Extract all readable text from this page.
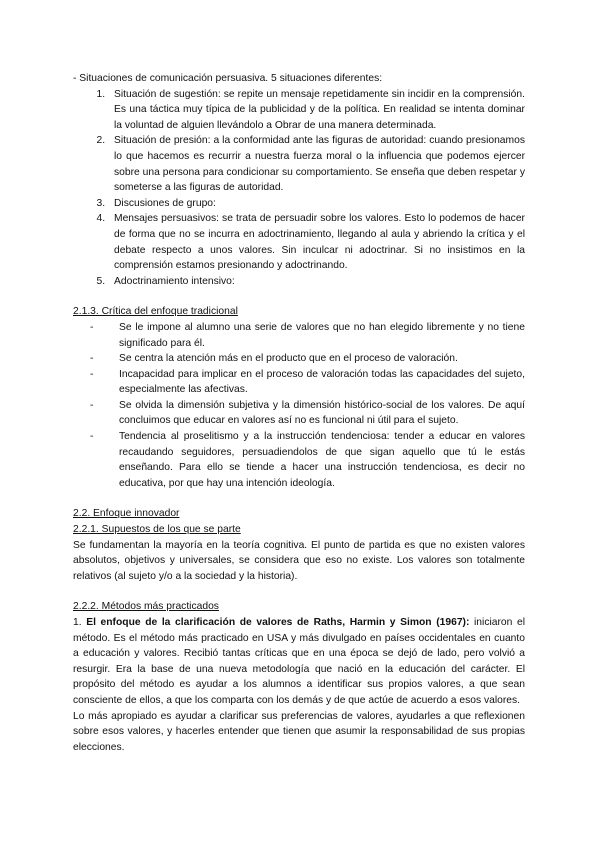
- Situaciones de comunicación persuasiva. 5 situaciones diferentes:

1. Situación de sugestión: se repite un mensaje repetidamente sin incidir en la comprensión. Es una táctica muy típica de la publicidad y de la política. En realidad se intenta dominar la voluntad de alguien llevándolo a Obrar de una manera determinada.
2. Situación de presión: a la conformidad ante las figuras de autoridad: cuando presionamos lo que hacemos es recurrir a nuestra fuerza moral o la influencia que podemos ejercer sobre una persona para condicionar su comportamiento. Se enseña que deben respetar y someterse a las figuras de autoridad.
3. Discusiones de grupo:
4. Mensajes persuasivos: se trata de persuadir sobre los valores. Esto lo podemos de hacer de forma que no se incurra en adoctrinamiento, llegando al aula y abriendo la crítica y el debate respecto a unos valores. Sin inculcar ni adoctrinar. Si no insistimos en la comprensión estamos presionando y adoctrinando.
5. Adoctrinamiento intensivo:

2.1.3. Crítica del enfoque tradicional

- Se le impone al alumno una serie de valores que no han elegido libremente y no tiene significado para él.
- Se centra la atención más en el producto que en el proceso de valoración.
- Incapacidad para implicar en el proceso de valoración todas las capacidades del sujeto, especialmente las afectivas.
- Se olvida la dimensión subjetiva y la dimensión histórico-social de los valores. De aquí concluimos que educar en valores así no es funcional ni útil para el sujeto.
- Tendencia al proselitismo y a la instrucción tendenciosa: tender a educar en valores recaudando seguidores, persuadiendolos de que sigan aquello que tú le estás enseñando. Para ello se tiende a hacer una instrucción tendenciosa, es decir no educativa, por que hay una intención ideología.

2.2. Enfoque innovador

2.2.1. Supuestos de los que se parte

Se fundamentan la mayoría en la teoría cognitiva. El punto de partida es que no existen valores absolutos, objetivos y universales, se considera que eso no existe. Los valores son totalmente relativos (al sujeto y/o a la sociedad y la historia).

2.2.2. Métodos más practicados

1. El enfoque de la clarificación de valores de Raths, Harmin y Simon (1967): iniciaron el método. Es el método más practicado en USA y más divulgado en países occidentales en cuanto a educación y valores. Recibió tantas críticas que en una época se dejó de lado, pero volvió a resurgir. Era la base de una nueva metodología que nació en la educación del carácter. El propósito del método es ayudar a los alumnos a identificar sus propios valores, a que sean consciente de ellos, a que los comparta con los demás y de que actúe de acuerdo a esos valores.

Lo más apropiado es ayudar a clarificar sus preferencias de valores, ayudarles a que reflexionen sobre esos valores, y hacerles entender que tienen que asumir la responsabilidad de sus propias elecciones.
